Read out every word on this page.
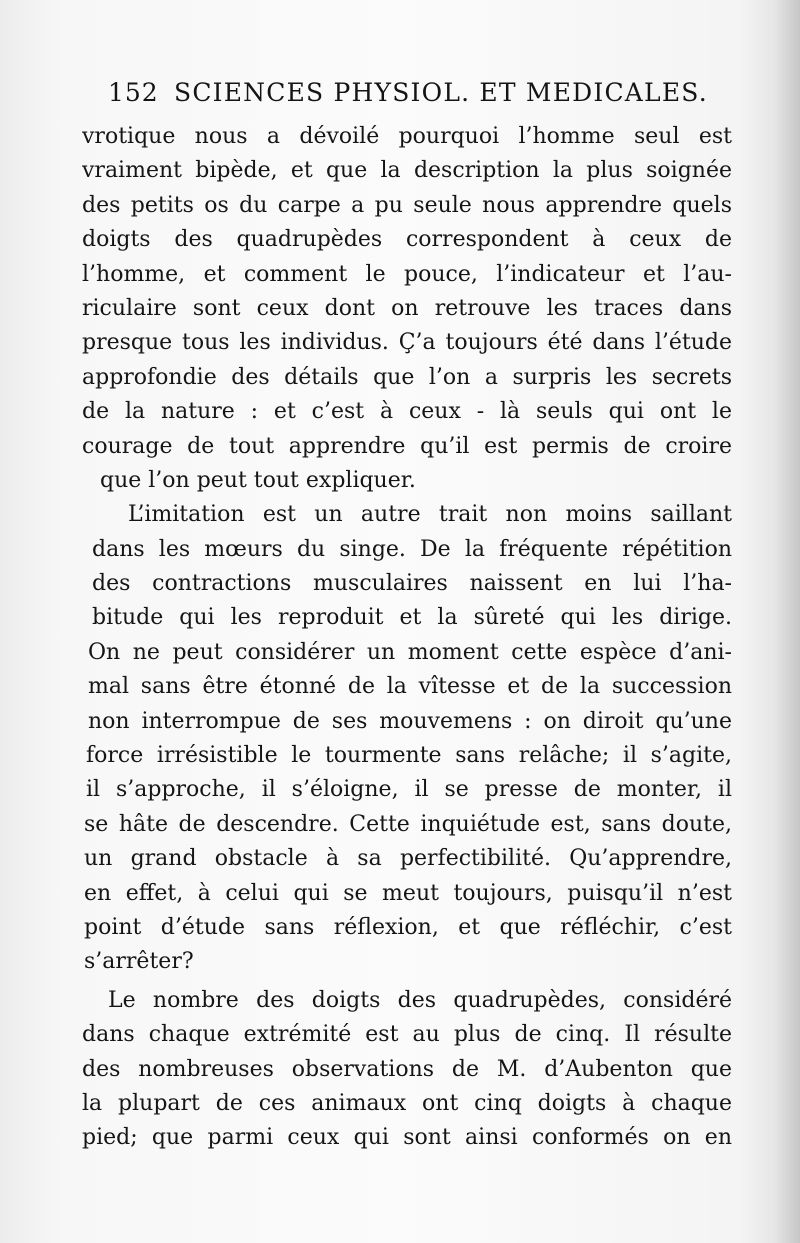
152 SCIENCES PHYSIOL. ET MEDICALES.
vrotique nous a dévoilé pourquoi l’homme seul est
vraiment bipède, et que la description la plus soignée
des petits os du carpe a pu seule nous apprendre quels
doigts des quadrupèdes correspondent à ceux de
l’homme, et comment le pouce, l’indicateur et l’au-
riculaire sont ceux dont on retrouve les traces dans
presque tous les individus. Ç’a toujours été dans l’étude
approfondie des détails que l’on a surpris les secrets
de la nature : et c’est à ceux - là seuls qui ont le
courage de tout apprendre qu’il est permis de croire
que l’on peut tout expliquer.
L’imitation est un autre trait non moins saillant
dans les mœurs du singe. De la fréquente répétition
des contractions musculaires naissent en lui l’ha-
bitude qui les reproduit et la sûreté qui les dirige.
On ne peut considérer un moment cette espèce d’ani-
mal sans être étonné de la vîtesse et de la succession
non interrompue de ses mouvemens : on diroit qu’une
force irrésistible le tourmente sans relâche; il s’agite,
il s’approche, il s’éloigne, il se presse de monter, il
se hâte de descendre. Cette inquiétude est, sans doute,
un grand obstacle à sa perfectibilité. Qu’apprendre,
en effet, à celui qui se meut toujours, puisqu’il n’est
point d’étude sans réflexion, et que réfléchir, c’est
s’arrêter?
Le nombre des doigts des quadrupèdes, considéré
dans chaque extrémité est au plus de cinq. Il résulte
des nombreuses observations de M. d’Aubenton que
la plupart de ces animaux ont cinq doigts à chaque
pied; que parmi ceux qui sont ainsi conformés on en
